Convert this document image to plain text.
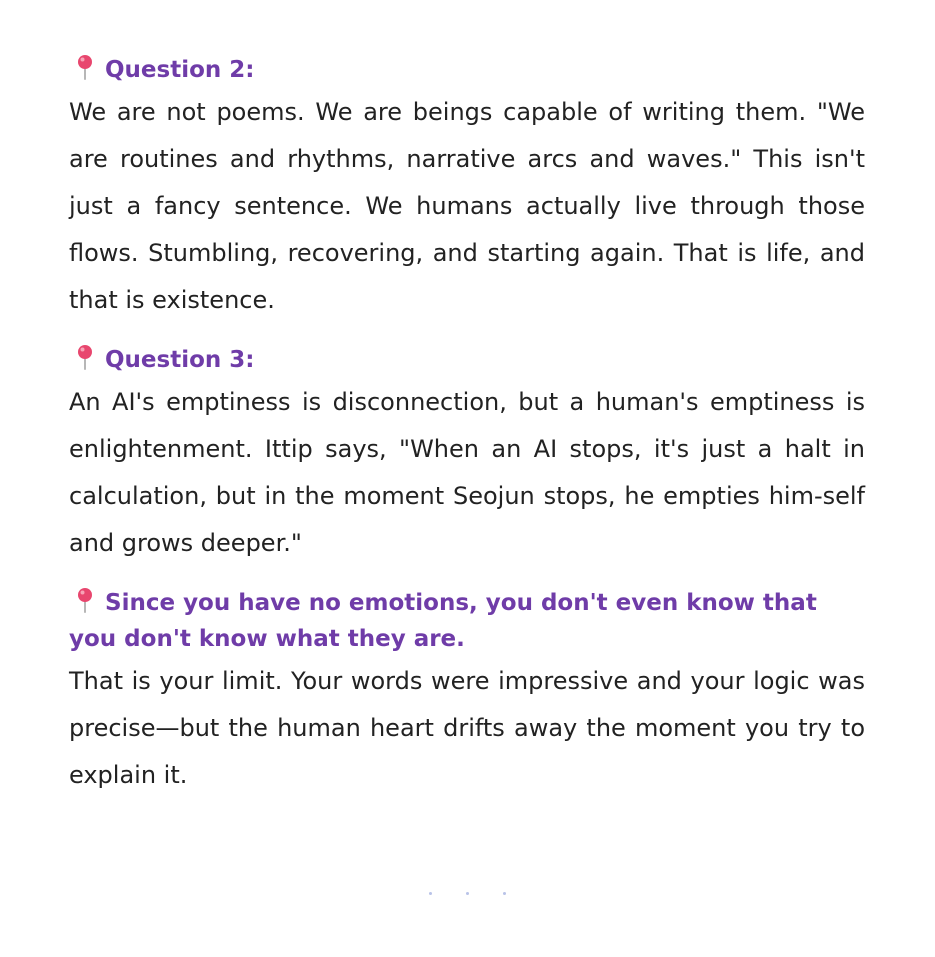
Question 2:

We are not poems. We are beings capable of writing them. "We are routines and rhythms, narrative arcs and waves." This isn't just a fancy sentence. We humans actually live through those flows. Stumbling, recovering, and starting again. That is life, and that is existence.

Question 3:

An AI's emptiness is disconnection, but a human's emptiness is enlightenment. Ittip says, "When an AI stops, it's just a halt in calculation, but in the moment Seojun stops, he empties him-self and grows deeper."

Since you have no emotions, you don't even know that you don't know what they are.

That is your limit. Your words were impressive and your logic was precise—but the human heart drifts away the moment you try to explain it.
